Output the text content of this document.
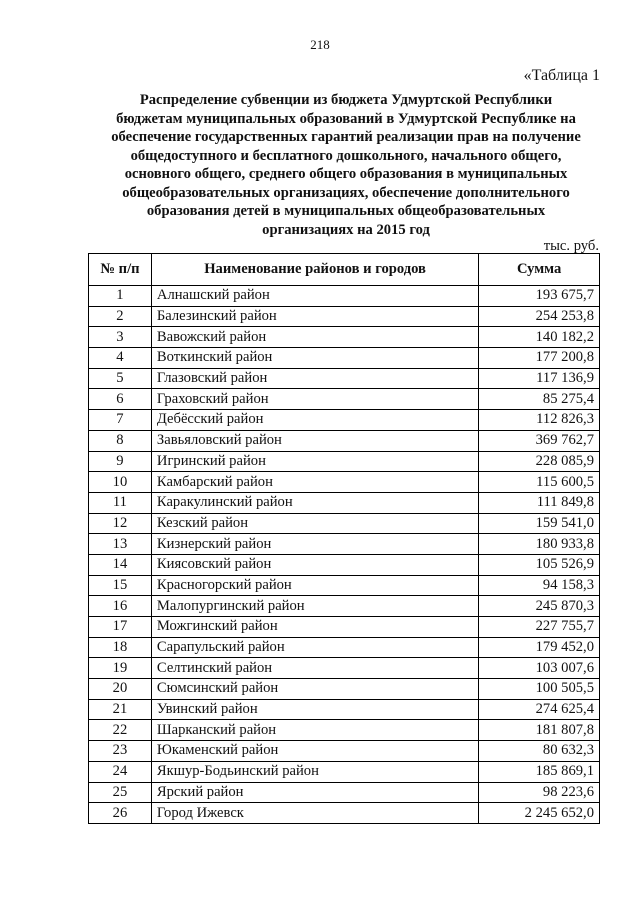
218
«Таблица 1
Распределение субвенции из бюджета Удмуртской Республики
бюджетам муниципальных образований в Удмуртской Республике на
обеспечение государственных гарантий реализации прав на получение
общедоступного и бесплатного дошкольного, начального общего,
основного общего, среднего общего образования в муниципальных
общеобразовательных организациях, обеспечение дополнительного
образования детей в муниципальных общеобразовательных
организациях на 2015 год
тыс. руб.
№ п/п	Наименование районов и городов	Сумма
1	Алнашский район	193 675,7
2	Балезинский район	254 253,8
3	Вавожский район	140 182,2
4	Воткинский район	177 200,8
5	Глазовский район	117 136,9
6	Граховский район	85 275,4
7	Дебёсский район	112 826,3
8	Завьяловский район	369 762,7
9	Игринский район	228 085,9
10	Камбарский район	115 600,5
11	Каракулинский район	111 849,8
12	Кезский район	159 541,0
13	Кизнерский район	180 933,8
14	Киясовский район	105 526,9
15	Красногорский район	94 158,3
16	Малопургинский район	245 870,3
17	Можгинский район	227 755,7
18	Сарапульский район	179 452,0
19	Селтинский район	103 007,6
20	Сюмсинский район	100 505,5
21	Увинский район	274 625,4
22	Шарканский район	181 807,8
23	Юкаменский район	80 632,3
24	Якшур-Бодьинский район	185 869,1
25	Ярский район	98 223,6
26	Город Ижевск	2 245 652,0
